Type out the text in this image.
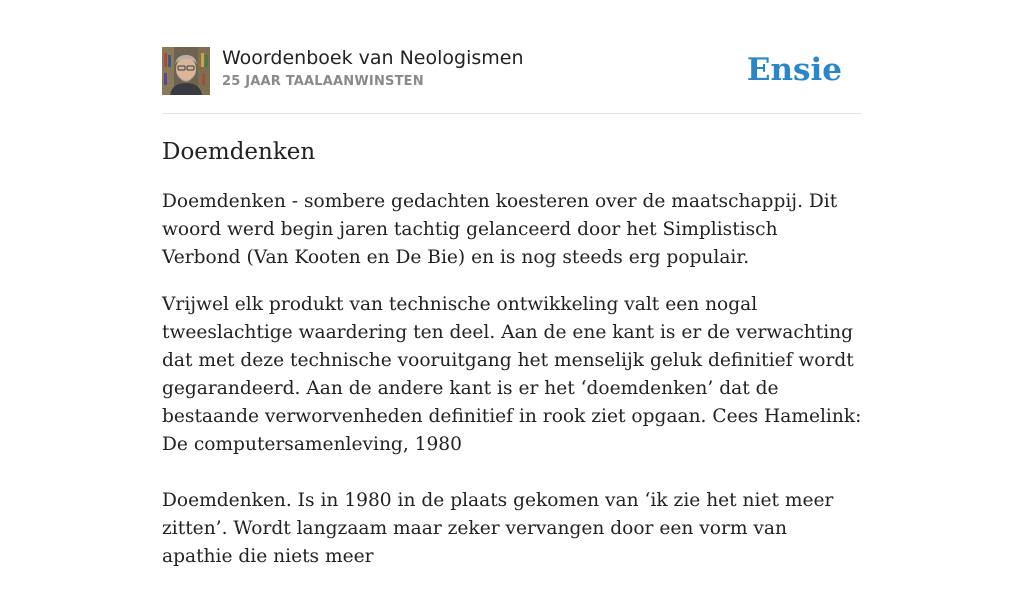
Woordenboek van Neologismen
25 JAAR TAALAANWINSTEN	Ensie
Doemdenken

Doemdenken - sombere gedachten koesteren over de maatschappij. Dit woord werd begin jaren tachtig gelanceerd door het Simplistisch Verbond (Van Kooten en De Bie) en is nog steeds erg populair.

Vrijwel elk produkt van technische ontwikkeling valt een nogal tweeslachtige waardering ten deel. Aan de ene kant is er de verwachting dat met deze technische vooruitgang het menselijk geluk definitief wordt gegarandeerd. Aan de andere kant is er het ‘doemdenken’ dat de bestaande verworvenheden definitief in rook ziet opgaan. Cees Hamelink: De computersamenleving, 1980

Doemdenken. Is in 1980 in de plaats gekomen van ‘ik zie het niet meer zitten’. Wordt langzaam maar zeker vervangen door een vorm van apathie die niets meer
